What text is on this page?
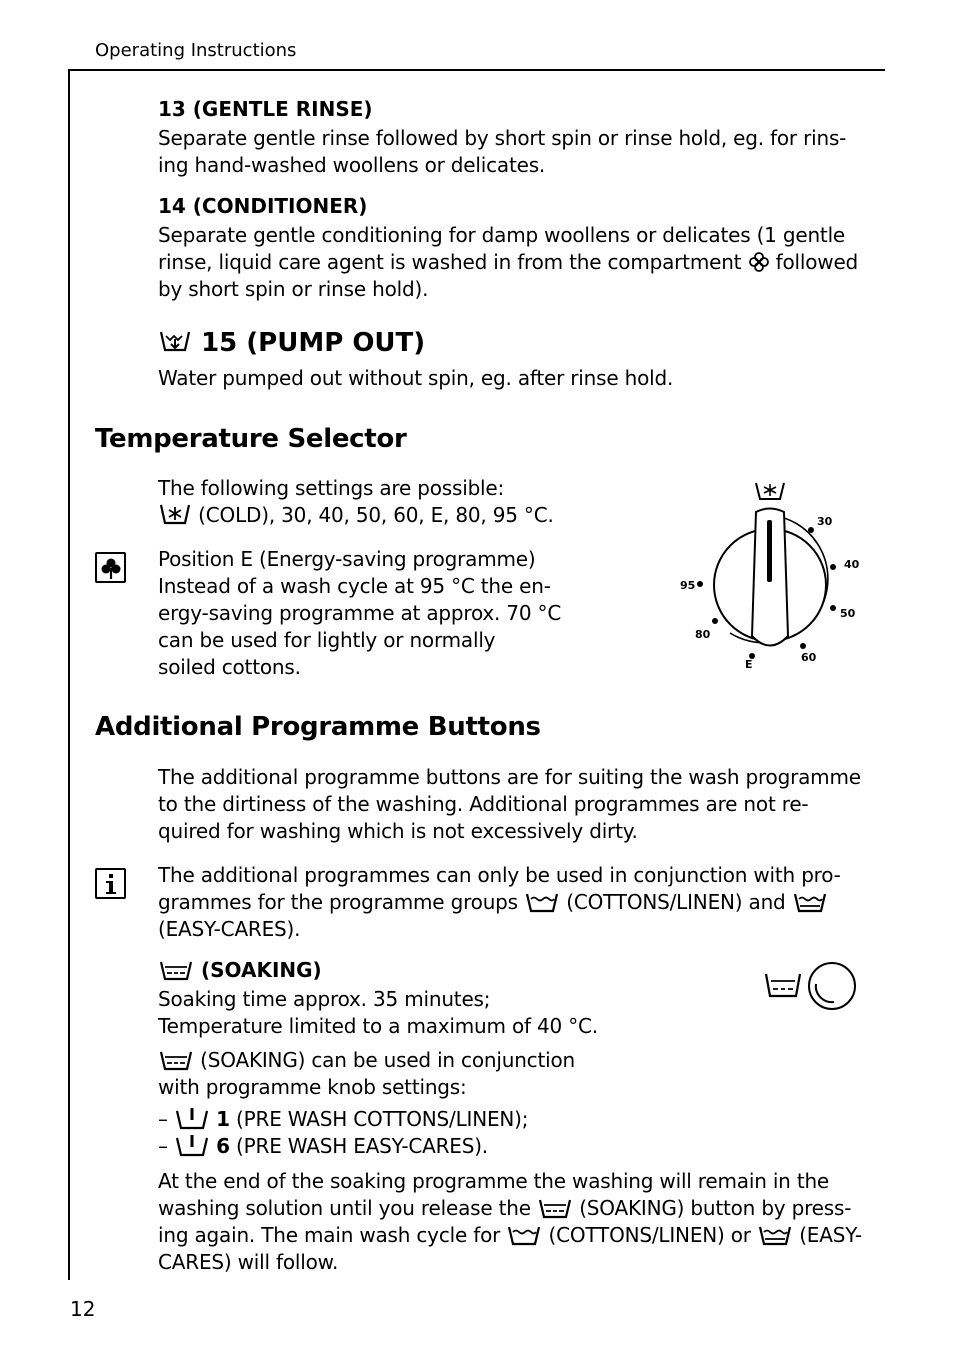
Operating Instructions
13 (GENTLE RINSE)
Separate gentle rinse followed by short spin or rinse hold, eg. for rins-
ing hand-washed woollens or delicates.
14 (CONDITIONER)
Separate gentle conditioning for damp woollens or delicates (1 gentle
rinse, liquid care agent is washed in from the compartment followed
by short spin or rinse hold).
15 (PUMP OUT)
Water pumped out without spin, eg. after rinse hold.
Temperature Selector
The following settings are possible:
(COLD), 30, 40, 50, 60, E, 80, 95 °C.
Position E (Energy-saving programme)
Instead of a wash cycle at 95 °C the en-
ergy-saving programme at approx. 70 °C
can be used for lightly or normally
soiled cottons.
30
40
50
60
E
80
95
Additional Programme Buttons
The additional programme buttons are for suiting the wash programme
to the dirtiness of the washing. Additional programmes are not re-
quired for washing which is not excessively dirty.
The additional programmes can only be used in conjunction with pro-
grammes for the programme groups (COTTONS/LINEN) and
(EASY-CARES).
(SOAKING)
Soaking time approx. 35 minutes;
Temperature limited to a maximum of 40 °C.
(SOAKING) can be used in conjunction
with programme knob settings:
– 1 (PRE WASH COTTONS/LINEN);
– 6 (PRE WASH EASY-CARES).
At the end of the soaking programme the washing will remain in the
washing solution until you release the (SOAKING) button by press-
ing again. The main wash cycle for (COTTONS/LINEN) or (EASY-
CARES) will follow.
12
